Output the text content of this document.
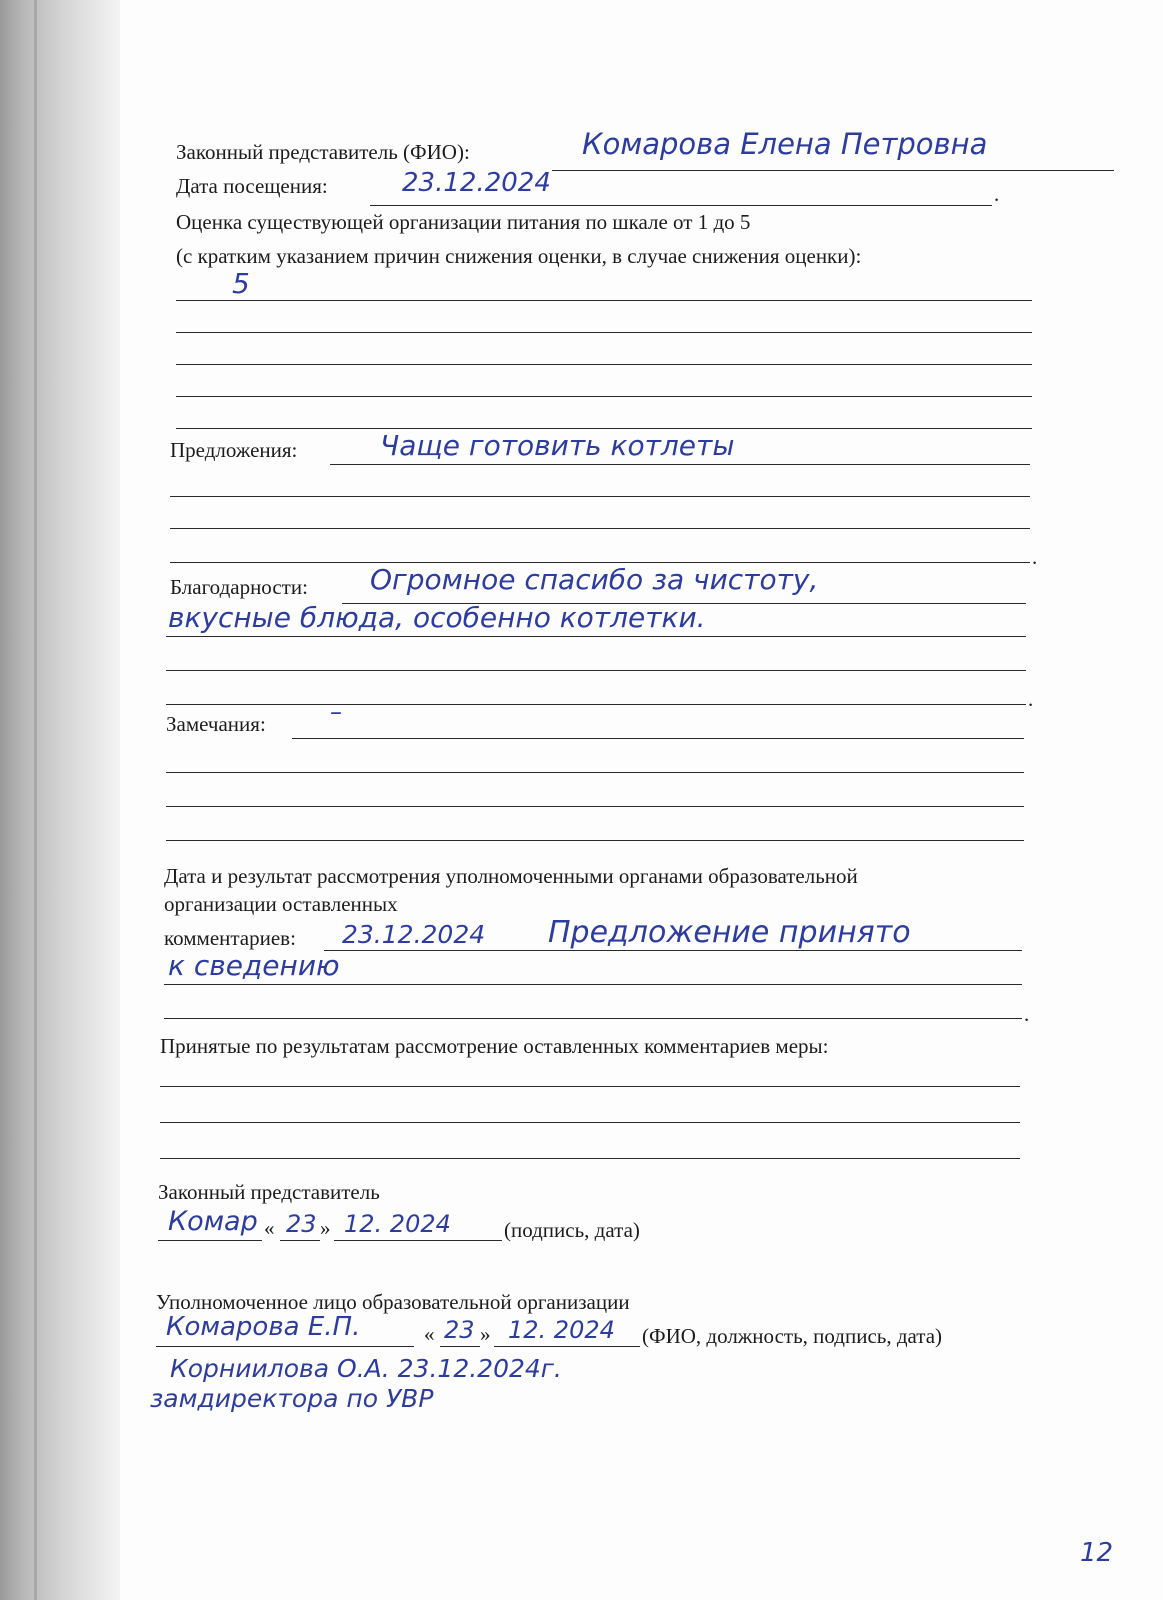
Законный представитель (ФИО):	Комарова Елена Петровна
Дата посещения:	.
23.12.2024
Оценка существующей организации питания по шкале от 1 до 5
(с кратким указанием причин снижения оценки, в случае снижения оценки):
5
Предложения:	Чаще готовить котлеты
.
Благодарности: Огромное спасибо за чистоту,
вкусные блюда, особенно котлетки.
.
Замечания:	–
Дата и результат рассмотрения уполномоченными органами образовательной
организации оставленных
комментариев: 23.12.2024 Предложение принято
к сведению
.
Принятые по результатам рассмотрение оставленных комментариев меры:
Законный представитель
Комар « 23 » 12. 2024	(подпись, дата)
Уполномоченное лицо образовательной организации
Комарова Е.П.	« 23 » 12. 2024 (ФИО, должность, подпись, дата)
Корниилова О.А. 23.12.2024г.
замдиректора по УВР
12
